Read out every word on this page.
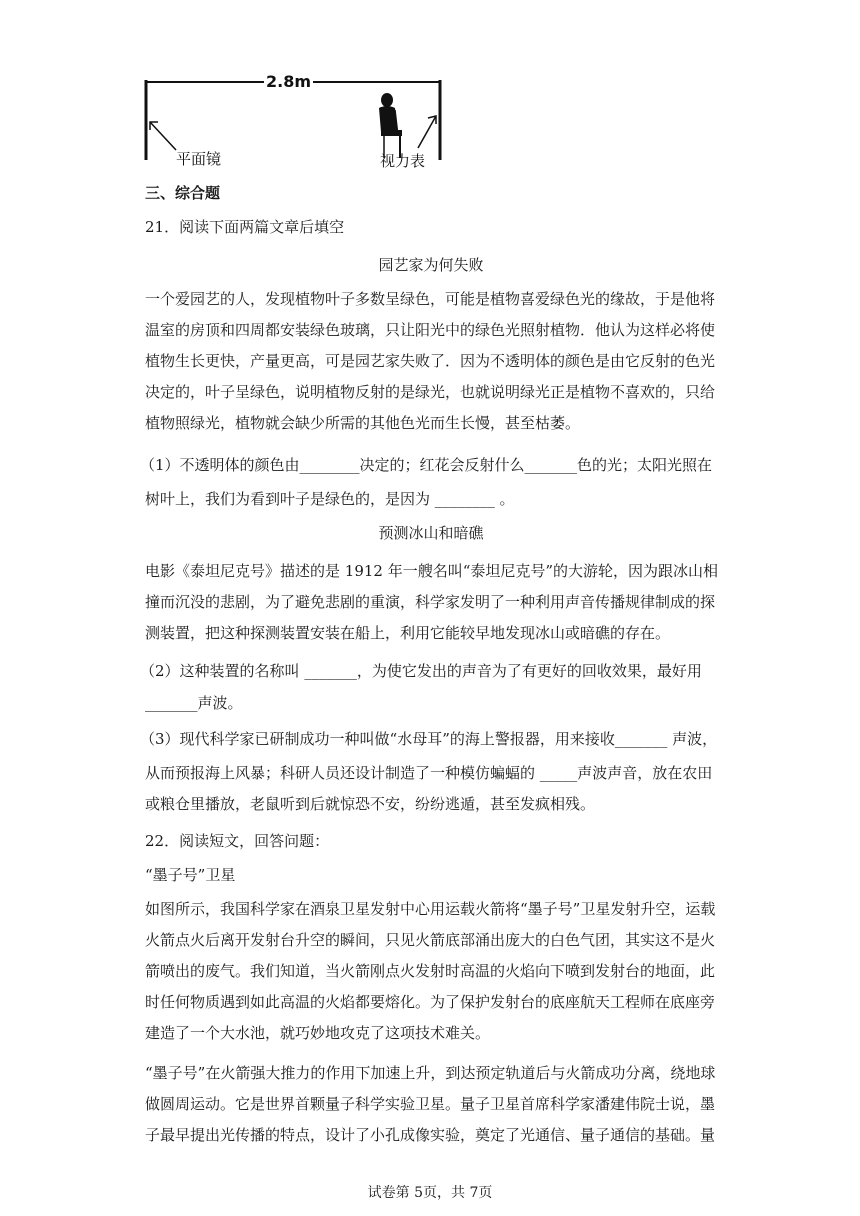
2.8m
平面镜	视力表
三、综合题
21．阅读下面两篇文章后填空
园艺家为何失败
一个爱园艺的人，发现植物叶子多数呈绿色，可能是植物喜爱绿色光的缘故，于是他将
温室的房顶和四周都安装绿色玻璃，只让阳光中的绿色光照射植物．他认为这样必将使
植物生长更快，产量更高，可是园艺家失败了．因为不透明体的颜色是由它反射的色光
决定的，叶子呈绿色，说明植物反射的是绿光，也就说明绿光正是植物不喜欢的，只给
植物照绿光，植物就会缺少所需的其他色光而生长慢，甚至枯萎。
（1）不透明体的颜色由________决定的；红花会反射什么_______色的光；太阳光照在
树叶上，我们为看到叶子是绿色的，是因为 ________ 。
预测冰山和暗礁
电影《泰坦尼克号》描述的是 1912 年一艘名叫“泰坦尼克号”的大游轮，因为跟冰山相
撞而沉没的悲剧，为了避免悲剧的重演，科学家发明了一种利用声音传播规律制成的探
测装置，把这种探测装置安装在船上，利用它能较早地发现冰山或暗礁的存在。
（2）这种装置的名称叫 _______，为使它发出的声音为了有更好的回收效果，最好用
_______声波。
（3）现代科学家已研制成功一种叫做“水母耳”的海上警报器，用来接收_______ 声波，
从而预报海上风暴；科研人员还设计制造了一种模仿蝙蝠的 _____声波声音，放在农田
或粮仓里播放，老鼠听到后就惊恐不安，纷纷逃遁，甚至发疯相残。
22．阅读短文，回答问题：
“墨子号”卫星
如图所示，我国科学家在酒泉卫星发射中心用运载火箭将“墨子号”卫星发射升空，运载
火箭点火后离开发射台升空的瞬间，只见火箭底部涌出庞大的白色气团，其实这不是火
箭喷出的废气。我们知道，当火箭刚点火发射时高温的火焰向下喷到发射台的地面，此
时任何物质遇到如此高温的火焰都要熔化。为了保护发射台的底座航天工程师在底座旁
建造了一个大水池，就巧妙地攻克了这项技术难关。
“墨子号”在火箭强大推力的作用下加速上升，到达预定轨道后与火箭成功分离，绕地球
做圆周运动。它是世界首颗量子科学实验卫星。量子卫星首席科学家潘建伟院士说，墨
子最早提出光传播的特点，设计了小孔成像实验，奠定了光通信、量子通信的基础。量
试卷第 5页，共 7页
